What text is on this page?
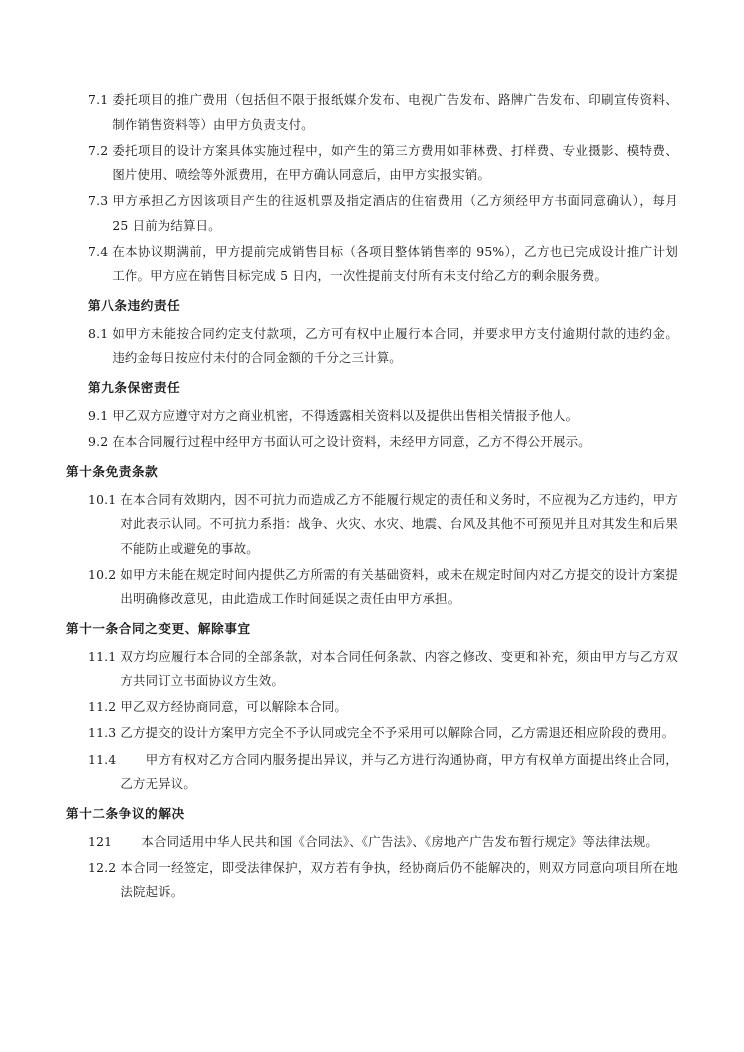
7.1 委托项目的推广费用（包括但不限于报纸媒介发布、电视广告发布、路牌广告发布、印刷宣传资料、制作销售资料等）由甲方负责支付。
7.2 委托项目的设计方案具体实施过程中，如产生的第三方费用如菲林费、打样费、专业摄影、模特费、图片使用、喷绘等外派费用，在甲方确认同意后，由甲方实报实销。
7.3 甲方承担乙方因该项目产生的往返机票及指定酒店的住宿费用（乙方须经甲方书面同意确认），每月 25 日前为结算日。
7.4 在本协议期满前，甲方提前完成销售目标（各项目整体销售率的 95%），乙方也已完成设计推广计划工作。甲方应在销售目标完成 5 日内，一次性提前支付所有未支付给乙方的剩余服务费。
第八条违约责任
8.1 如甲方未能按合同约定支付款项，乙方可有权中止履行本合同，并要求甲方支付逾期付款的违约金。违约金每日按应付未付的合同金额的千分之三计算。
第九条保密责任
9.1 甲乙双方应遵守对方之商业机密，不得透露相关资料以及提供出售相关情报予他人。
9.2 在本合同履行过程中经甲方书面认可之设计资料，未经甲方同意，乙方不得公开展示。
第十条免责条款
10.1 在本合同有效期内，因不可抗力而造成乙方不能履行规定的责任和义务时，不应视为乙方违约，甲方对此表示认同。不可抗力系指：战争、火灾、水灾、地震、台风及其他不可预见并且对其发生和后果不能防止或避免的事故。
10.2 如甲方未能在规定时间内提供乙方所需的有关基础资料，或未在规定时间内对乙方提交的设计方案提出明确修改意见，由此造成工作时间延误之责任由甲方承担。
第十一条合同之变更、解除事宜
11.1 双方均应履行本合同的全部条款，对本合同任何条款、内容之修改、变更和补充，须由甲方与乙方双方共同订立书面协议方生效。
11.2 甲乙双方经协商同意，可以解除本合同。
11.3 乙方提交的设计方案甲方完全不予认同或完全不予采用可以解除合同，乙方需退还相应阶段的费用。
11.4 　　甲方有权对乙方合同内服务提出异议，并与乙方进行沟通协商，甲方有权单方面提出终止合同，乙方无异议。
第十二条争议的解决
121 　　本合同适用中华人民共和国《合同法》、《广告法》、《房地产广告发布暂行规定》等法律法规。
12.2 本合同一经签定，即受法律保护，双方若有争执，经协商后仍不能解决的，则双方同意向项目所在地法院起诉。
